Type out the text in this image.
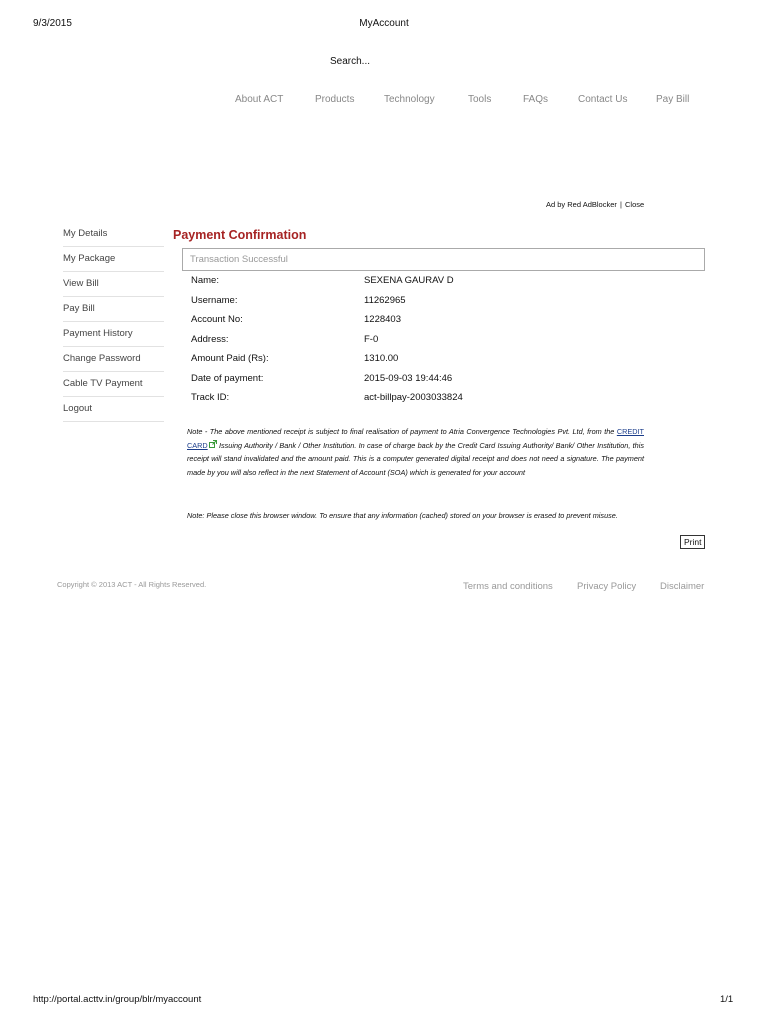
9/3/2015	MyAccount
Search...
About ACT	Products	Technology	Tools	FAQs	Contact Us	Pay Bill
Ad by Red AdBlocker | Close
My Details
My Package
View Bill
Pay Bill
Payment History
Change Password
Cable TV Payment
Logout
Payment Confirmation
Transaction Successful
Name:	SEXENA GAURAV D
Username:	11262965
Account No:	1228403
Address:	F-0
Amount Paid (Rs):	1310.00
Date of payment:	2015-09-03 19:44:46
Track ID:	act-billpay-2003033824
Note - The above mentioned receipt is subject to final realisation of payment to Atria Convergence Technologies Pvt. Ltd, from the CREDIT CARD Issuing Authority / Bank / Other Institution. In case of charge back by the Credit Card Issuing Authority/ Bank/ Other Institution, this receipt will stand invalidated and the amount paid. This is a computer generated digital receipt and does not need a signature. The payment made by you will also reflect in the next Statement of Account (SOA) which is generated for your account
Note: Please close this browser window. To ensure that any information (cached) stored on your browser is erased to prevent misuse.
Print
Copyright © 2013 ACT - All Rights Reserved.	Terms and conditions	Privacy Policy	Disclaimer
http://portal.acttv.in/group/blr/myaccount	1/1
